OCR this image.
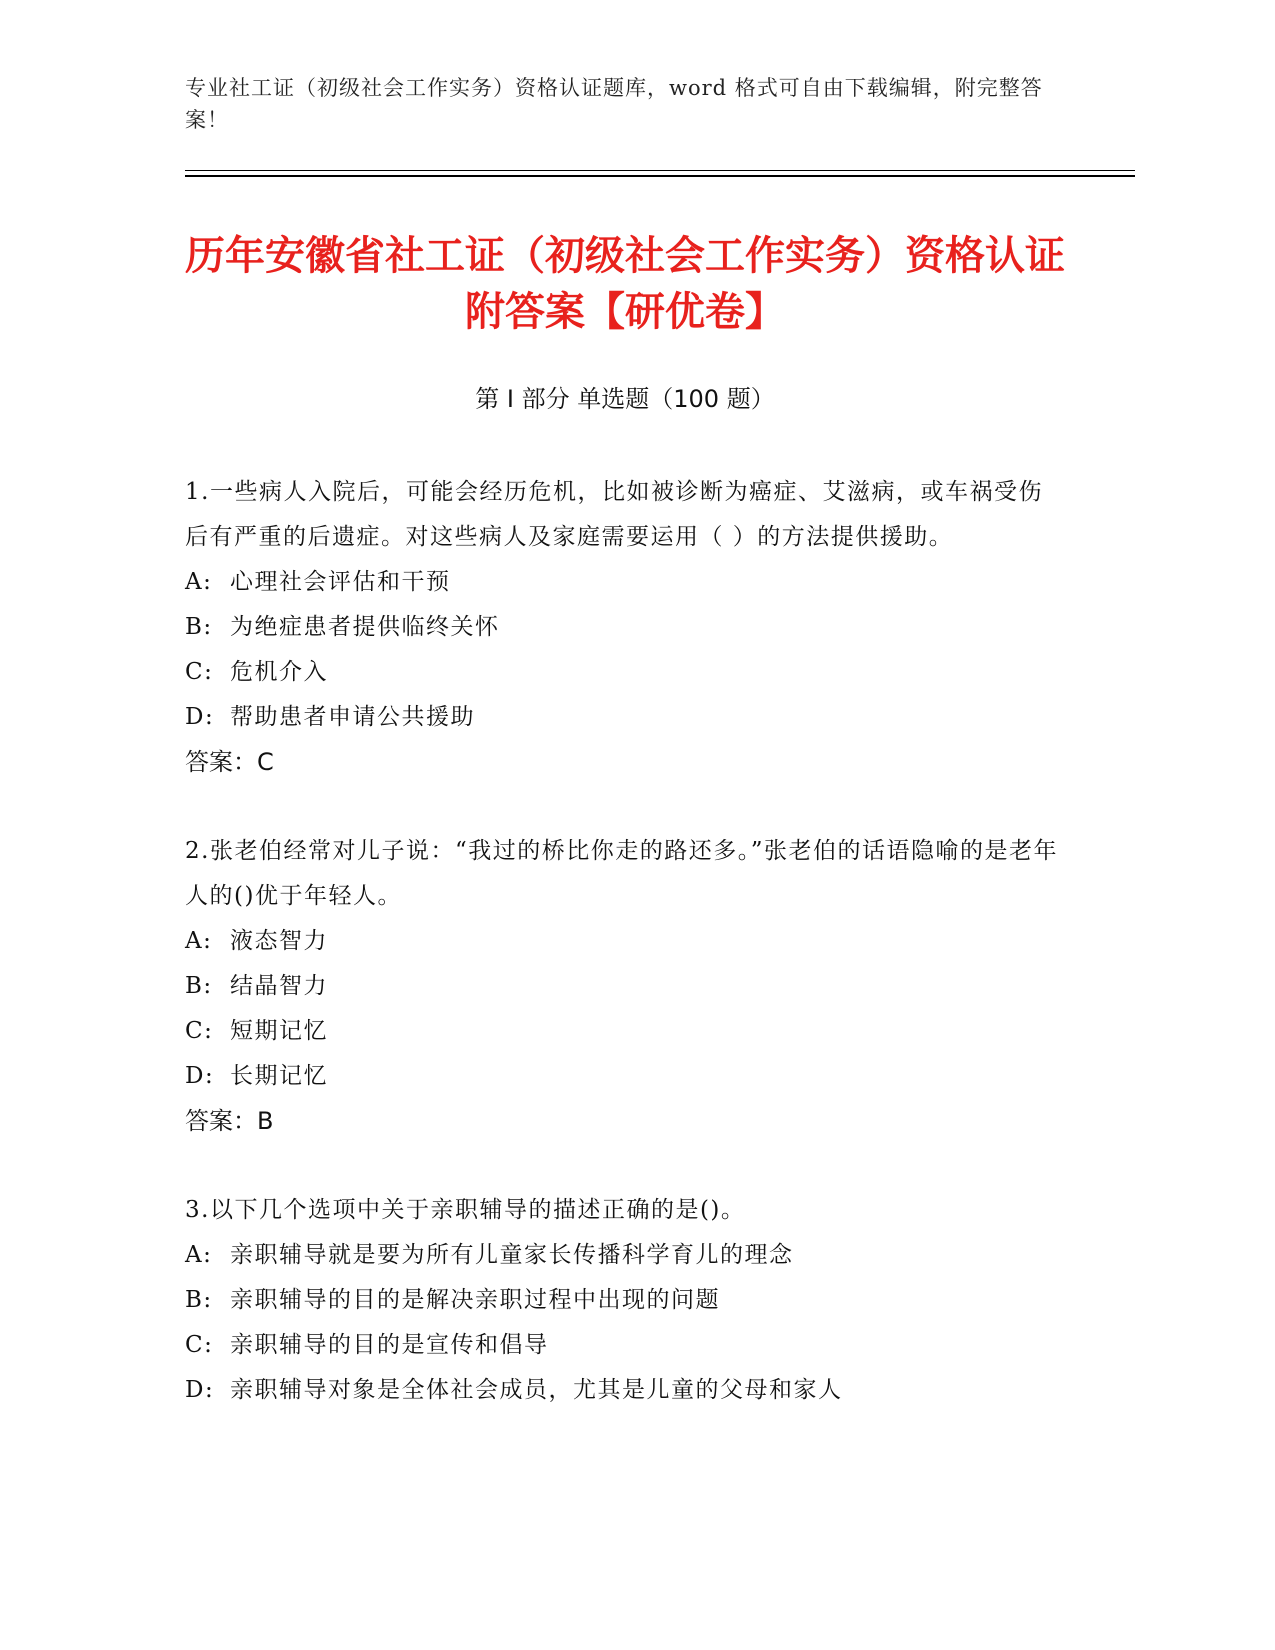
专业社工证（初级社会工作实务）资格认证题库，word 格式可自由下载编辑，附完整答案！
历年安徽省社工证（初级社会工作实务）资格认证附答案【研优卷】
第 I 部分 单选题（100 题）
1.一些病人入院后，可能会经历危机，比如被诊断为癌症、艾滋病，或车祸受伤后有严重的后遗症。对这些病人及家庭需要运用（ ）的方法提供援助。
A: 心理社会评估和干预
B: 为绝症患者提供临终关怀
C: 危机介入
D: 帮助患者申请公共援助
答案：C
2.张老伯经常对儿子说：“我过的桥比你走的路还多。”张老伯的话语隐喻的是老年人的()优于年轻人。
A: 液态智力
B: 结晶智力
C: 短期记忆
D: 长期记忆
答案：B
3.以下几个选项中关于亲职辅导的描述正确的是()。
A: 亲职辅导就是要为所有儿童家长传播科学育儿的理念
B: 亲职辅导的目的是解决亲职过程中出现的问题
C: 亲职辅导的目的是宣传和倡导
D: 亲职辅导对象是全体社会成员，尤其是儿童的父母和家人
